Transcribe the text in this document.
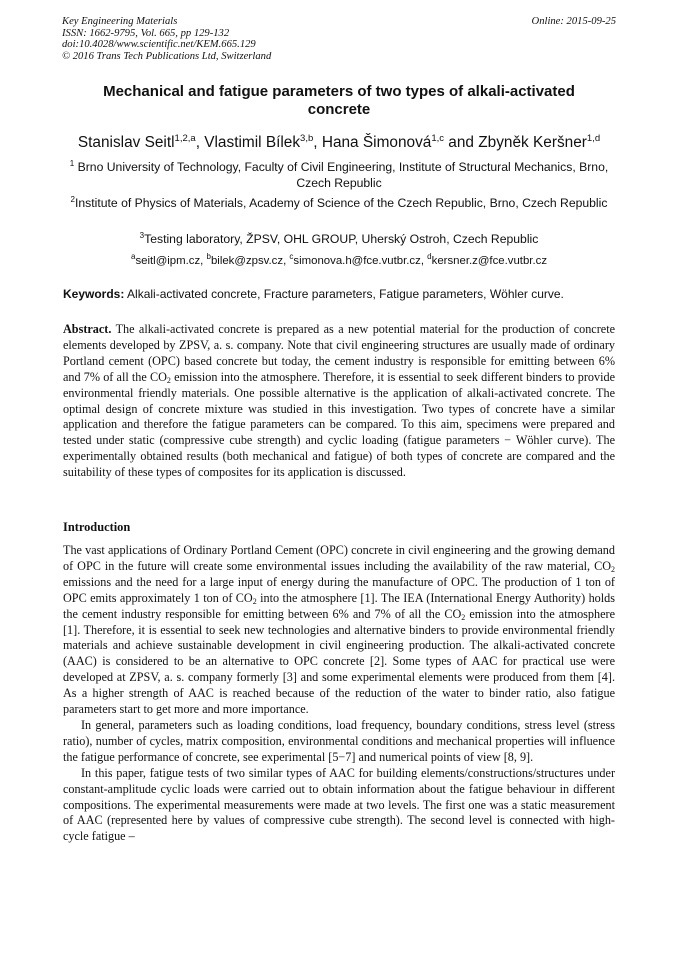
Key Engineering Materials
ISSN: 1662-9795, Vol. 665, pp 129-132
doi:10.4028/www.scientific.net/KEM.665.129
© 2016 Trans Tech Publications Ltd, Switzerland
Online: 2015-09-25
Mechanical and fatigue parameters of two types of alkali-activated concrete
Stanislav Seitl$^{1,2,a}$, Vlastimil Bílek$^{3,b}$, Hana Šimonová$^{1,c}$ and Zbyněk Keršner$^{1,d}$
$^1$ Brno University of Technology, Faculty of Civil Engineering, Institute of Structural Mechanics, Brno, Czech Republic
$^2$Institute of Physics of Materials, Academy of Science of the Czech Republic, Brno, Czech Republic
$^3$Testing laboratory, ŽPSV, OHL GROUP, Uherský Ostroh, Czech Republic
$^a$seitl@ipm.cz, $^b$bilek@zpsv.cz, $^c$simonova.h@fce.vutbr.cz, $^d$kersner.z@fce.vutbr.cz
Keywords: Alkali-activated concrete, Fracture parameters, Fatigue parameters, Wöhler curve.

Abstract. The alkali-activated concrete is prepared as a new potential material for the production of concrete elements developed by ZPSV, a. s. company. Note that civil engineering structures are usually made of ordinary Portland cement (OPC) based concrete but today, the cement industry is responsible for emitting between 6% and 7% of all the $CO_2$ emission into the atmosphere. Therefore, it is essential to seek different binders to provide environmental friendly materials. One possible alternative is the application of alkali-activated concrete. The optimal design of concrete mixture was studied in this investigation. Two types of concrete have a similar application and therefore the fatigue parameters can be compared. To this aim, specimens were prepared and tested under static (compressive cube strength) and cyclic loading (fatigue parameters − Wöhler curve). The experimentally obtained results (both mechanical and fatigue) of both types of concrete are compared and the suitability of these types of composites for its application is discussed.

Introduction

The vast applications of Ordinary Portland Cement (OPC) concrete in civil engineering and the growing demand of OPC in the future will create some environmental issues including the availability of the raw material, $CO_2$ emissions and the need for a large input of energy during the manufacture of OPC. The production of 1 ton of OPC emits approximately 1 ton of $CO_2$ into the atmosphere [1]. The IEA (International Energy Authority) holds the cement industry responsible for emitting between 6% and 7% of all the $CO_2$ emission into the atmosphere [1]. Therefore, it is essential to seek new technologies and alternative binders to provide environmental friendly materials and achieve sustainable development in civil engineering production. The alkali-activated concrete (AAC) is considered to be an alternative to OPC concrete [2]. Some types of AAC for practical use were developed at ZPSV, a. s. company formerly [3] and some experimental elements were produced from them [4]. As a higher strength of AAC is reached because of the reduction of the water to binder ratio, also fatigue parameters start to get more and more importance.

In general, parameters such as loading conditions, load frequency, boundary conditions, stress level (stress ratio), number of cycles, matrix composition, environmental conditions and mechanical properties will influence the fatigue performance of concrete, see experimental [5−7] and numerical points of view [8, 9].

In this paper, fatigue tests of two similar types of AAC for building elements/constructions/structures under constant-amplitude cyclic loads were carried out to obtain information about the fatigue behaviour in different compositions. The experimental measurements were made at two levels. The first one was a static measurement of AAC (represented here by values of compressive cube strength). The second level is connected with high-cycle fatigue –
